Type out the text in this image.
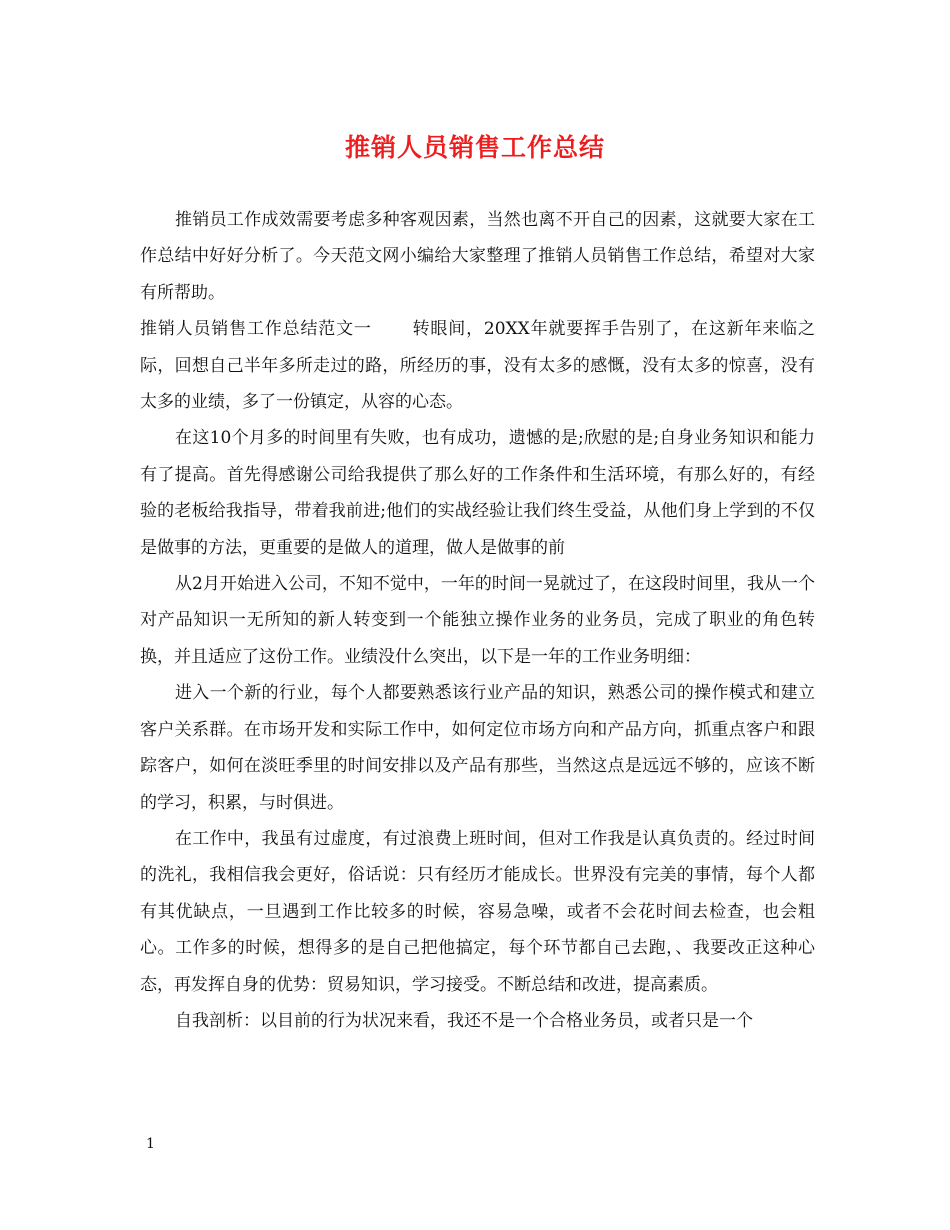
推销人员销售工作总结

推销员工作成效需要考虑多种客观因素，当然也离不开自己的因素，这就要大家在工作总结中好好分析了。今天范文网小编给大家整理了推销人员销售工作总结，希望对大家有所帮助。

推销人员销售工作总结范文一 转眼间，20XX年就要挥手告别了，在这新年来临之际，回想自己半年多所走过的路，所经历的事，没有太多的感慨，没有太多的惊喜，没有太多的业绩，多了一份镇定，从容的心态。

在这10个月多的时间里有失败，也有成功，遗憾的是;欣慰的是;自身业务知识和能力有了提高。首先得感谢公司给我提供了那么好的工作条件和生活环境，有那么好的，有经验的老板给我指导，带着我前进;他们的实战经验让我们终生受益，从他们身上学到的不仅是做事的方法，更重要的是做人的道理，做人是做事的前

从2月开始进入公司，不知不觉中，一年的时间一晃就过了，在这段时间里，我从一个对产品知识一无所知的新人转变到一个能独立操作业务的业务员，完成了职业的角色转换，并且适应了这份工作。业绩没什么突出，以下是一年的工作业务明细：

进入一个新的行业，每个人都要熟悉该行业产品的知识，熟悉公司的操作模式和建立客户关系群。在市场开发和实际工作中，如何定位市场方向和产品方向，抓重点客户和跟踪客户，如何在淡旺季里的时间安排以及产品有那些，当然这点是远远不够的，应该不断的学习，积累，与时俱进。

在工作中，我虽有过虚度，有过浪费上班时间，但对工作我是认真负责的。经过时间的洗礼，我相信我会更好，俗话说：只有经历才能成长。世界没有完美的事情，每个人都有其优缺点，一旦遇到工作比较多的时候，容易急噪，或者不会花时间去检查，也会粗心。工作多的时候，想得多的是自己把他搞定，每个环节都自己去跑，、我要改正这种心态，再发挥自身的优势：贸易知识，学习接受。不断总结和改进，提高素质。

自我剖析：以目前的行为状况来看，我还不是一个合格业务员，或者只是一个

1
